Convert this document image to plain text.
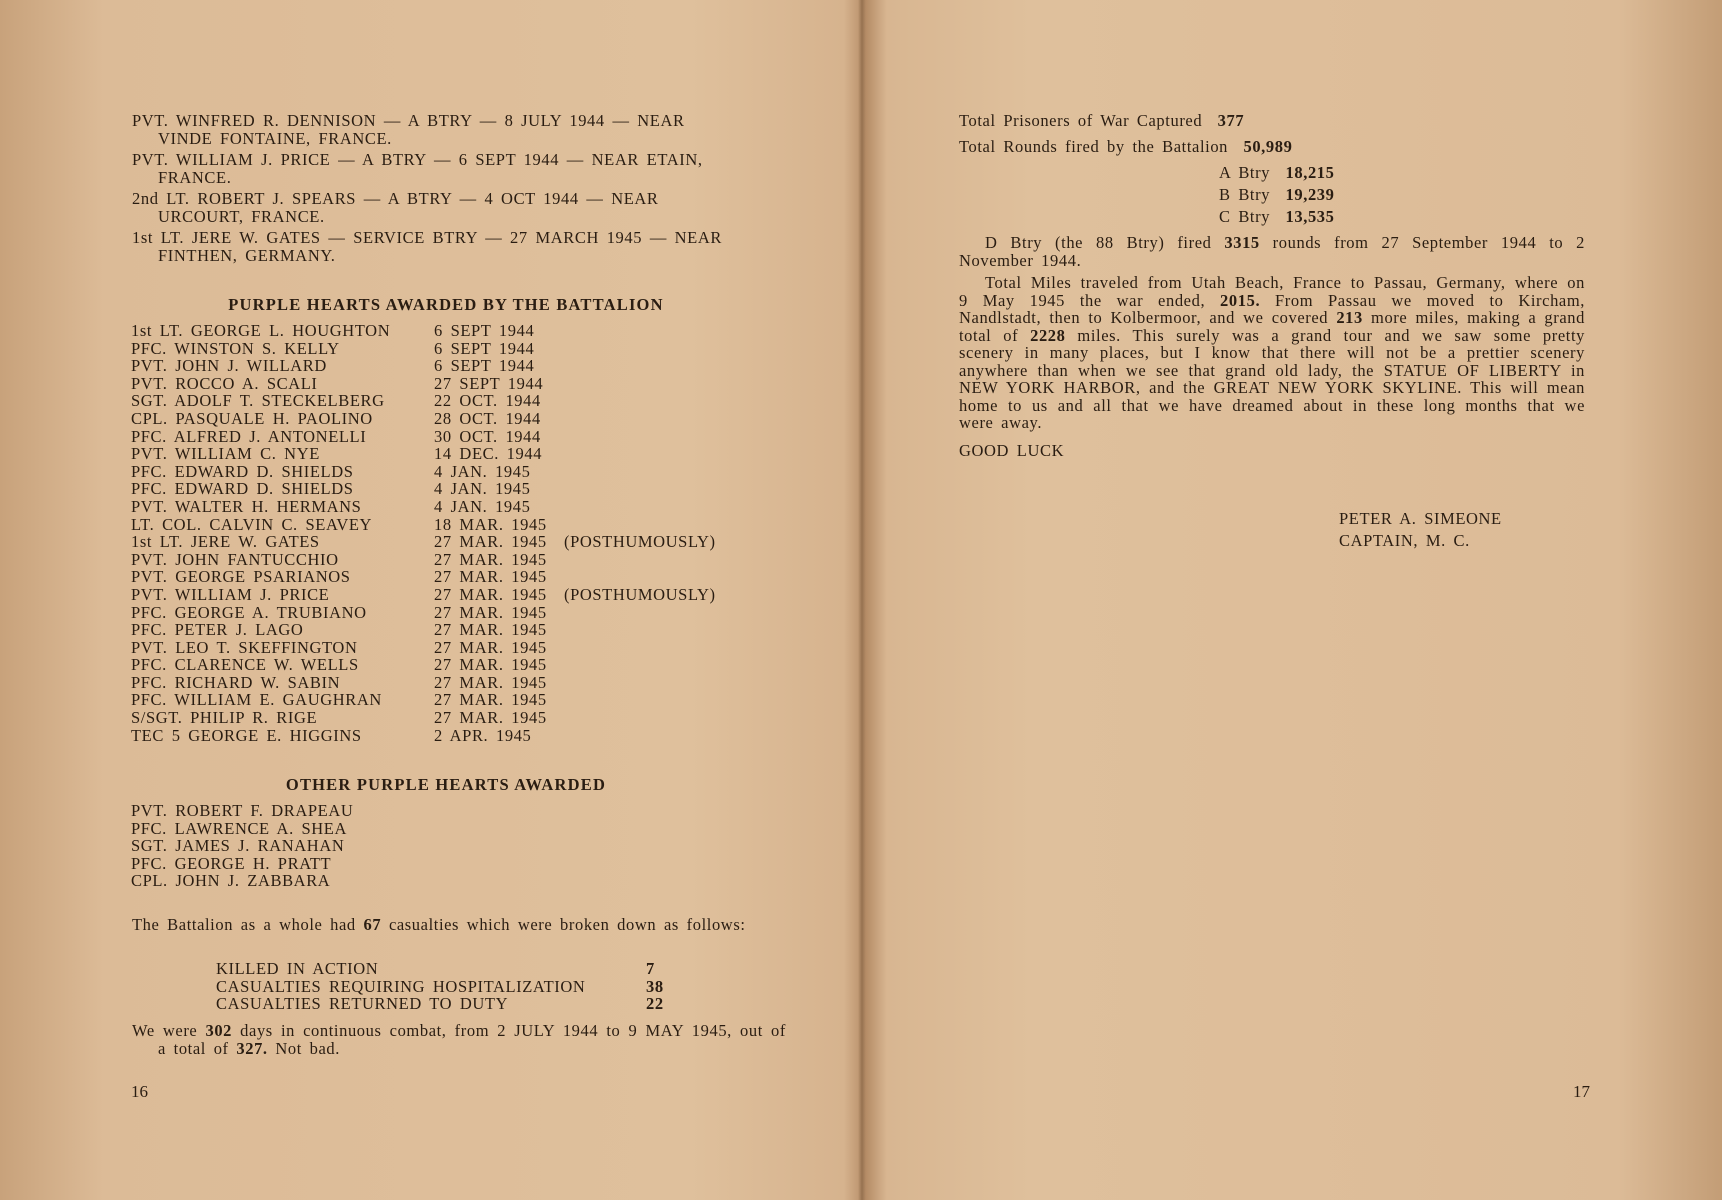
PVT. WINFRED R. DENNISON — A BTRY — 8 JULY 1944 — NEAR
VINDE FONTAINE, FRANCE.
PVT. WILLIAM J. PRICE — A BTRY — 6 SEPT 1944 — NEAR ETAIN,
FRANCE.
2nd LT. ROBERT J. SPEARS — A BTRY — 4 OCT 1944 — NEAR
URCOURT, FRANCE.
1st LT. JERE W. GATES — SERVICE BTRY — 27 MARCH 1945 — NEAR
FINTHEN, GERMANY.
PURPLE HEARTS AWARDED BY THE BATTALION
1st LT. GEORGE L. HOUGHTON	6 SEPT 1944
PFC. WINSTON S. KELLY	6 SEPT 1944
PVT. JOHN J. WILLARD	6 SEPT 1944
PVT. ROCCO A. SCALI	27 SEPT 1944
SGT. ADOLF T. STECKELBERG	22 OCT. 1944
CPL. PASQUALE H. PAOLINO	28 OCT. 1944
PFC. ALFRED J. ANTONELLI	30 OCT. 1944
PVT. WILLIAM C. NYE	14 DEC. 1944
PFC. EDWARD D. SHIELDS	4 JAN. 1945
PFC. EDWARD D. SHIELDS	4 JAN. 1945
PVT. WALTER H. HERMANS	4 JAN. 1945
LT. COL. CALVIN C. SEAVEY	18 MAR. 1945
1st LT. JERE W. GATES	27 MAR. 1945	(POSTHUMOUSLY)
PVT. JOHN FANTUCCHIO	27 MAR. 1945
PVT. GEORGE PSARIANOS	27 MAR. 1945
PVT. WILLIAM J. PRICE	27 MAR. 1945	(POSTHUMOUSLY)
PFC. GEORGE A. TRUBIANO	27 MAR. 1945
PFC. PETER J. LAGO	27 MAR. 1945
PVT. LEO T. SKEFFINGTON	27 MAR. 1945
PFC. CLARENCE W. WELLS	27 MAR. 1945
PFC. RICHARD W. SABIN	27 MAR. 1945
PFC. WILLIAM E. GAUGHRAN	27 MAR. 1945
S/SGT. PHILIP R. RIGE	27 MAR. 1945
TEC 5 GEORGE E. HIGGINS	2 APR. 1945
OTHER PURPLE HEARTS AWARDED
PVT. ROBERT F. DRAPEAU
PFC. LAWRENCE A. SHEA
SGT. JAMES J. RANAHAN
PFC. GEORGE H. PRATT
CPL. JOHN J. ZABBARA
The Battalion as a whole had 67 casualties which were broken down as follows:
KILLED IN ACTION	7
CASUALTIES REQUIRING HOSPITALIZATION	38
CASUALTIES RETURNED TO DUTY	22
We were 302 days in continuous combat, from 2 JULY 1944 to 9 MAY 1945, out of a total of 327. Not bad.
16
Total Prisoners of War Captured 377
Total Rounds fired by the Battalion 50,989
A Btry 18,215
B Btry 19,239
C Btry 13,535
D Btry (the 88 Btry) fired 3315 rounds from 27 September 1944 to 2 November 1944.
Total Miles traveled from Utah Beach, France to Passau, Germany, where on 9 May 1945 the war ended, 2015. From Passau we moved to Kircham, Nandlstadt, then to Kolbermoor, and we covered 213 more miles, making a grand total of 2228 miles. This surely was a grand tour and we saw some pretty scenery in many places, but I know that there will not be a prettier scenery anywhere than when we see that grand old lady, the STATUE OF LIBERTY in NEW YORK HARBOR, and the GREAT NEW YORK SKYLINE. This will mean home to us and all that we have dreamed about in these long months that we were away.
GOOD LUCK
PETER A. SIMEONE
CAPTAIN, M. C.
17
